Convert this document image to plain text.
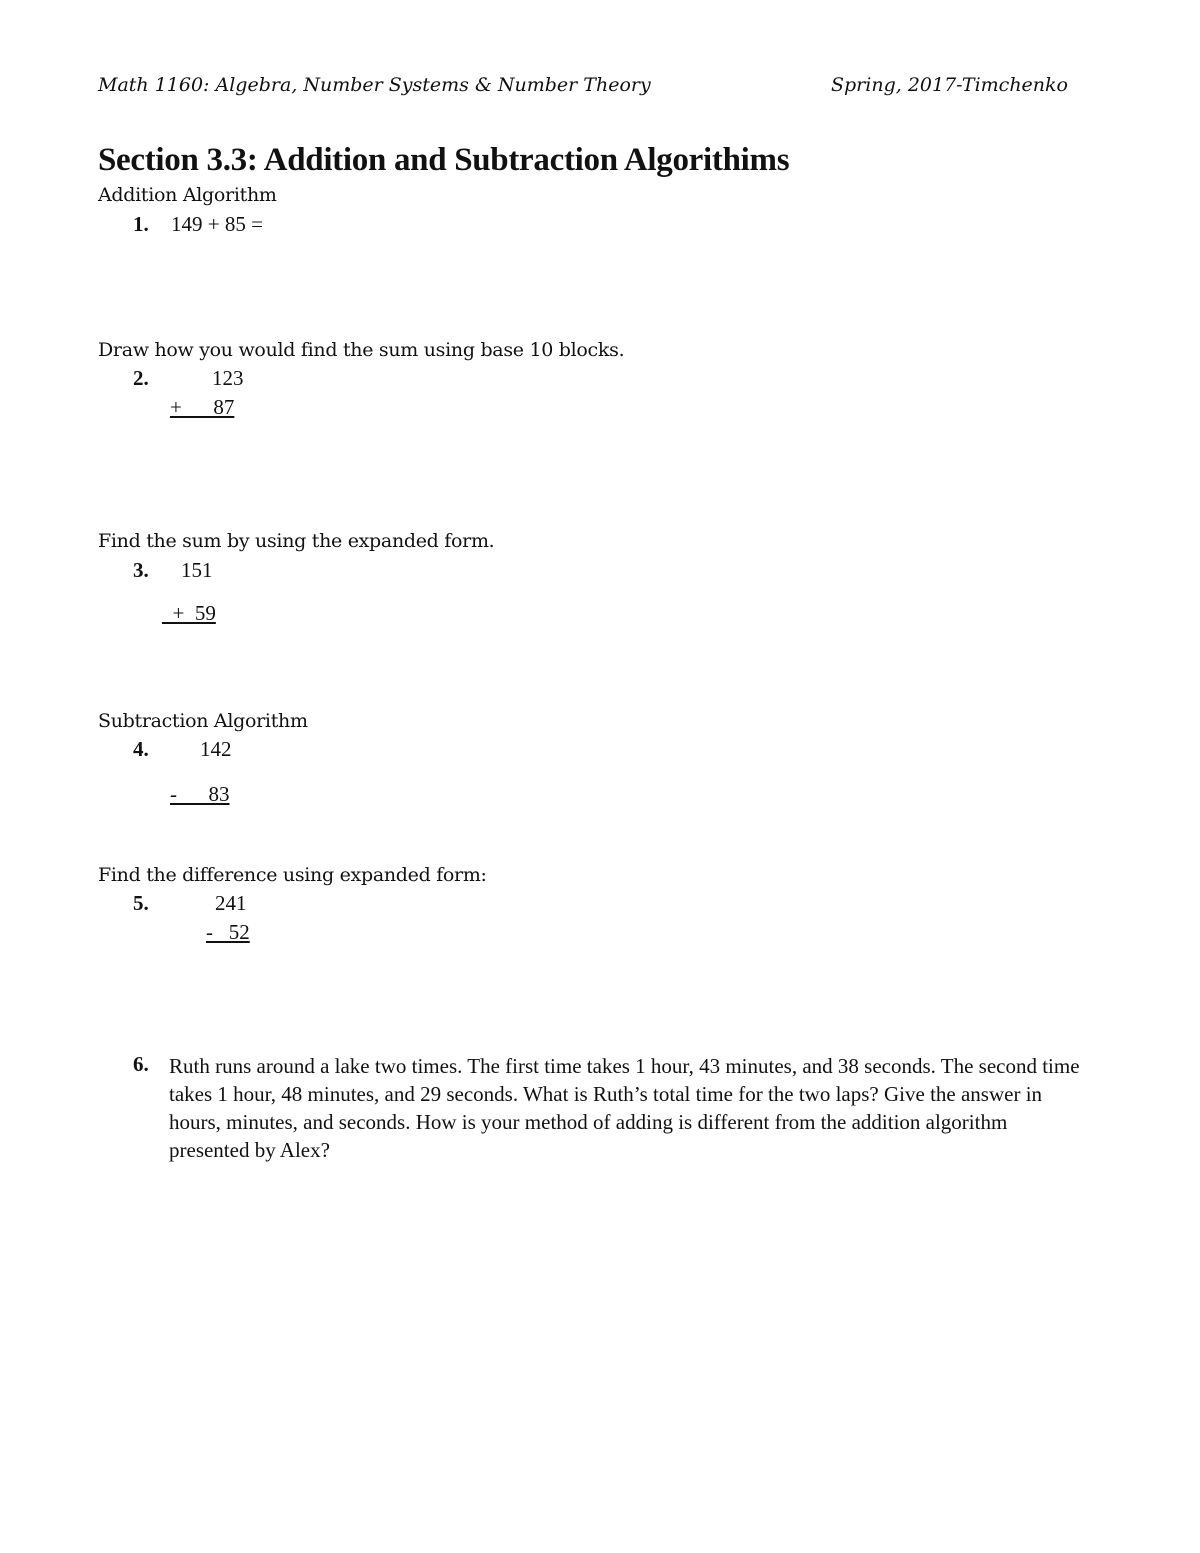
Math 1160: Algebra, Number Systems & Number Theory	Spring, 2017-Timchenko
Section 3.3: Addition and Subtraction Algorithims
Addition Algorithm
1. 149 + 85 =
Draw how you would find the sum using base 10 blocks.
2.	123
+      87
Find the sum by using the expanded form.
3. 151
+  59
Subtraction Algorithm
4. 142
-      83
Find the difference using expanded form:
5.	241
-   52
6. Ruth runs around a lake two times. The first time takes 1 hour, 43 minutes, and 38 seconds. The second time takes 1 hour, 48 minutes, and 29 seconds. What is Ruth’s total time for the two laps? Give the answer in hours, minutes, and seconds. How is your method of adding is different from the addition algorithm presented by Alex?
